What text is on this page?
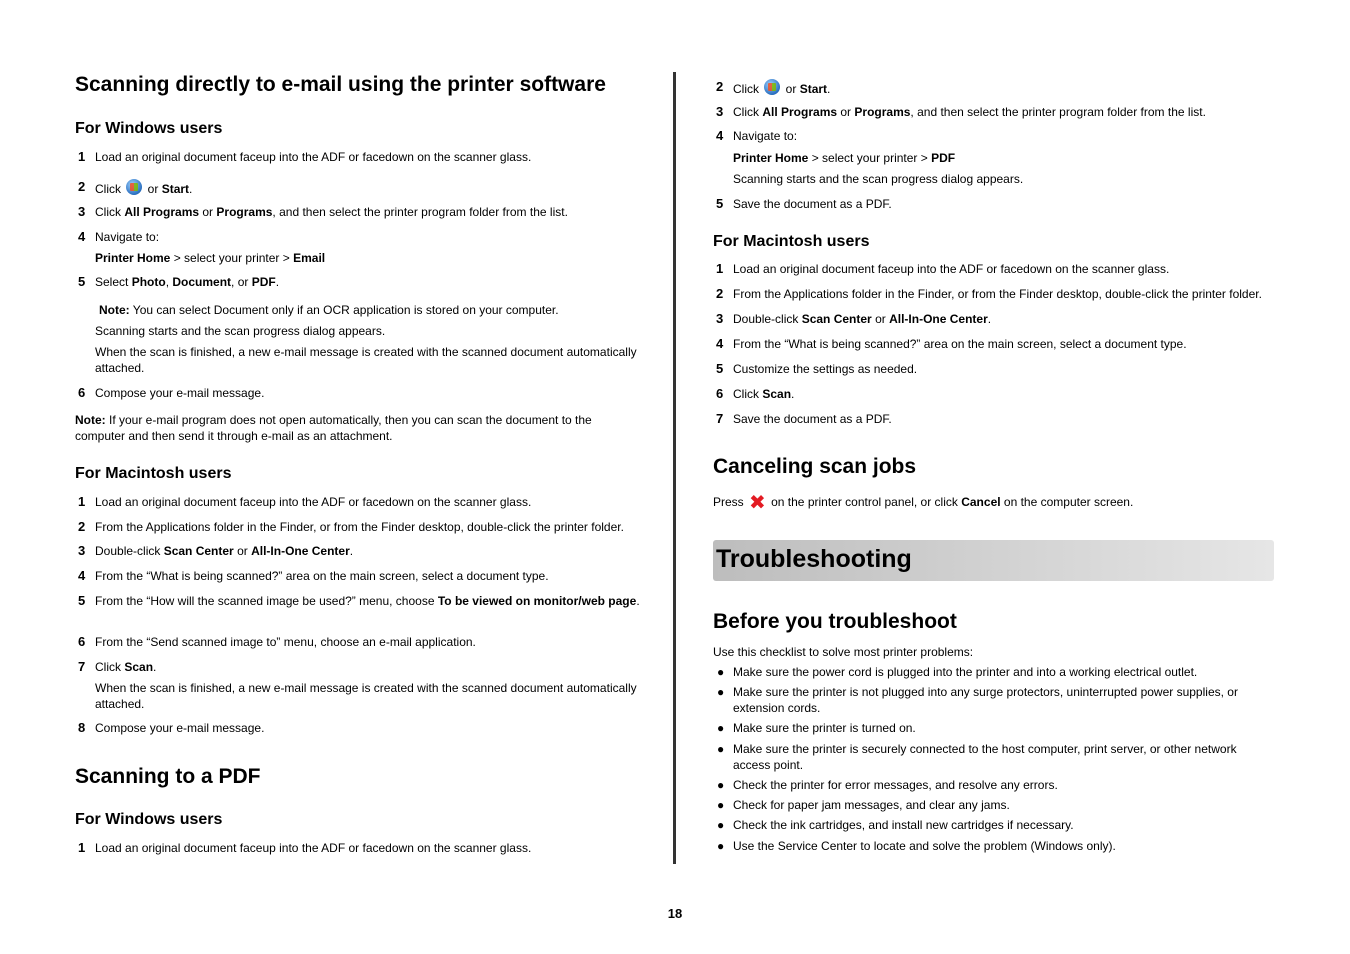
Scanning directly to e-mail using the printer software
For Windows users
1 Load an original document faceup into the ADF or facedown on the scanner glass.
2 Click  or Start.
3 Click All Programs or Programs, and then select the printer program folder from the list.
4 Navigate to:
Printer Home > select your printer > Email
5 Select Photo, Document, or PDF.
Note: You can select Document only if an OCR application is stored on your computer.
Scanning starts and the scan progress dialog appears.
When the scan is finished, a new e-mail message is created with the scanned document automatically attached.
6 Compose your e-mail message.
Note: If your e-mail program does not open automatically, then you can scan the document to the computer and then send it through e-mail as an attachment.
For Macintosh users
1 Load an original document faceup into the ADF or facedown on the scanner glass.
2 From the Applications folder in the Finder, or from the Finder desktop, double-click the printer folder.
3 Double-click Scan Center or All-In-One Center.
4 From the “What is being scanned?” area on the main screen, select a document type.
5 From the “How will the scanned image be used?” menu, choose To be viewed on monitor/web page.
6 From the “Send scanned image to” menu, choose an e-mail application.
7 Click Scan.
When the scan is finished, a new e-mail message is created with the scanned document automatically attached.
8 Compose your e-mail message.
Scanning to a PDF
For Windows users
1 Load an original document faceup into the ADF or facedown on the scanner glass.
2 Click  or Start.
3 Click All Programs or Programs, and then select the printer program folder from the list.
4 Navigate to:
Printer Home > select your printer > PDF
Scanning starts and the scan progress dialog appears.
5 Save the document as a PDF.
For Macintosh users
1 Load an original document faceup into the ADF or facedown on the scanner glass.
2 From the Applications folder in the Finder, or from the Finder desktop, double-click the printer folder.
3 Double-click Scan Center or All-In-One Center.
4 From the “What is being scanned?” area on the main screen, select a document type.
5 Customize the settings as needed.
6 Click Scan.
7 Save the document as a PDF.
Canceling scan jobs
Press ✖ on the printer control panel, or click Cancel on the computer screen.
Before you troubleshoot
Use this checklist to solve most printer problems:
● Make sure the power cord is plugged into the printer and into a working electrical outlet.
● Make sure the printer is not plugged into any surge protectors, uninterrupted power supplies, or extension cords.
● Make sure the printer is turned on.
● Make sure the printer is securely connected to the host computer, print server, or other network access point.
● Check the printer for error messages, and resolve any errors.
● Check for paper jam messages, and clear any jams.
● Check the ink cartridges, and install new cartridges if necessary.
● Use the Service Center to locate and solve the problem (Windows only).
Troubleshooting
18
